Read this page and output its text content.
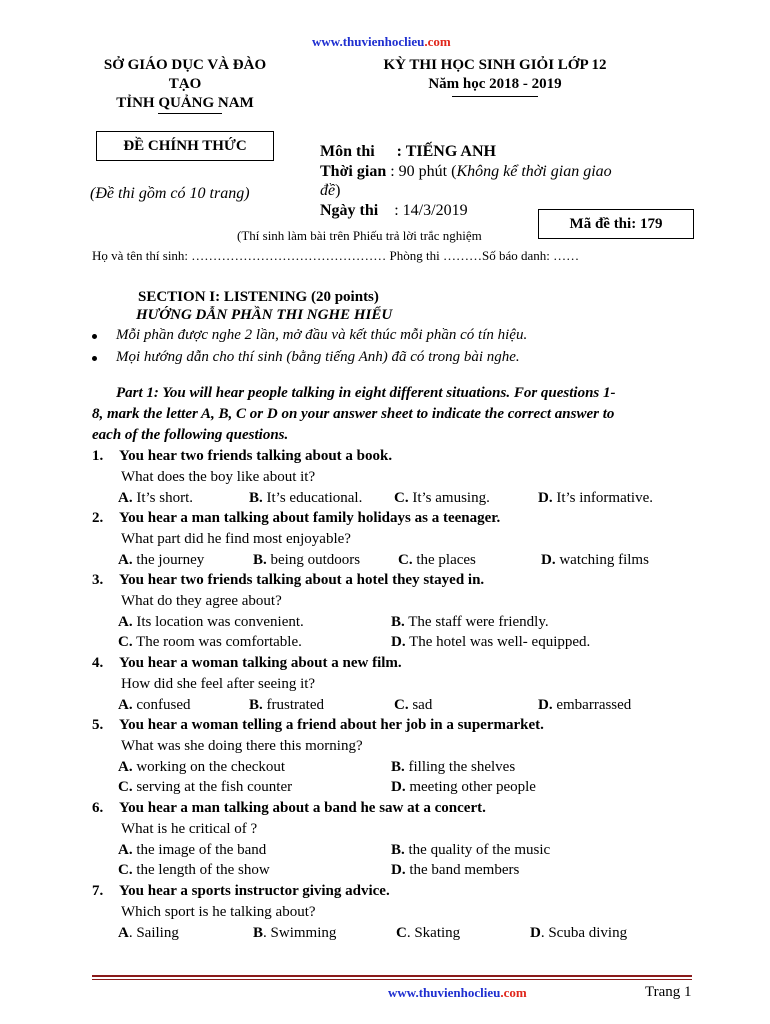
www.thuvienhoclieu.com
SỞ GIÁO DỤC VÀ ĐÀO
TẠO
TỈNH QUẢNG NAM
KỲ THI HỌC SINH GIỎI LỚP 12
Năm học 2018 - 2019
ĐỀ CHÍNH THỨC
(Đề thi gồm có 10 trang)
Môn thi : TIẾNG ANH
Thời gian : 90 phút (Không kể thời gian giao
đề)
Ngày thi : 14/3/2019
Mã đề thi: 179
(Thí sinh làm bài trên Phiếu trả lời trắc nghiệm
Họ và tên thí sinh: ……………………………………… Phòng thi ………Số báo danh: ……
SECTION I: LISTENING (20 points)
HƯỚNG DẪN PHẦN THI NGHE HIỂU
Mỗi phần được nghe 2 lần, mở đầu và kết thúc mỗi phần có tín hiệu.
Mọi hướng dẫn cho thí sinh (bằng tiếng Anh) đã có trong bài nghe.
Part 1: You will hear people talking in eight different situations. For questions 1-
8, mark the letter A, B, C or D on your answer sheet to indicate the correct answer to
each of the following questions.
1. You hear two friends talking about a book.
What does the boy like about it?
A. It’s short.	B. It’s educational. C. It’s amusing.	D. It’s informative.
2. You hear a man talking about family holidays as a teenager.
What part did he find most enjoyable?
A. the journey	B. being outdoors	C. the places	D. watching films
3. You hear two friends talking about a hotel they stayed in.
What do they agree about?
A. Its location was convenient.	B. The staff were friendly.
C. The room was comfortable.	D. The hotel was well- equipped.
4. You hear a woman talking about a new film.
How did she feel after seeing it?
A. confused	B. frustrated	C. sad	D. embarrassed
5. You hear a woman telling a friend about her job in a supermarket.
What was she doing there this morning?
A. working on the checkout	B. filling the shelves
C. serving at the fish counter	D. meeting other people
6. You hear a man talking about a band he saw at a concert.
What is he critical of ?
A. the image of the band	B. the quality of the music
C. the length of the show	D. the band members
7. You hear a sports instructor giving advice.
Which sport is he talking about?
A. Sailing	B. Swimming	C. Skating	D. Scuba diving
www.thuvienhoclieu.com	Trang 1
